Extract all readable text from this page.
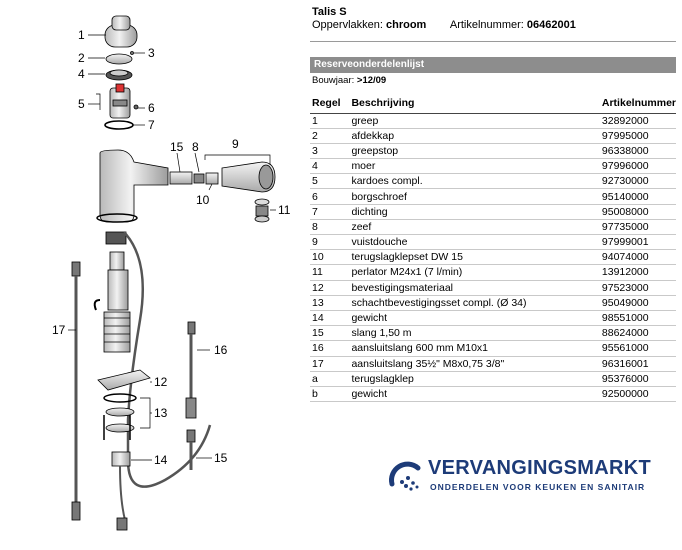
1
2	3
4
5	6
7
8	9
10
11
12
13
14
15
15
16
17
Talis S
Oppervlakken: chroom Artikelnummer: 06462001
Reserveonderdelenlijst
Bouwjaar: >12/09
Regel	Beschrijving	Artikelnummer
1	greep	32892000
2	afdekkap	97995000
3	greepstop	96338000
4	moer	97996000
5	kardoes compl.	92730000
6	borgschroef	95140000
7	dichting	95008000
8	zeef	97735000
9	vuistdouche	97999001
10	terugslagklepset DW 15	94074000
11	perlator M24x1 (7 l/min)	13912000
12	bevestigingsmateriaal	97523000
13	schachtbevestigingsset compl. (Ø 34)	95049000
14	gewicht	98551000
15	slang 1,50 m	88624000
16	aansluitslang 600 mm M10x1	95561000
17	aansluitslang 35½" M8x0,75 3/8"	96316001
a	terugslagklep	95376000
b	gewicht	92500000
VERVANGINGSMARKT
ONDERDELEN VOOR KEUKEN EN SANITAIR
